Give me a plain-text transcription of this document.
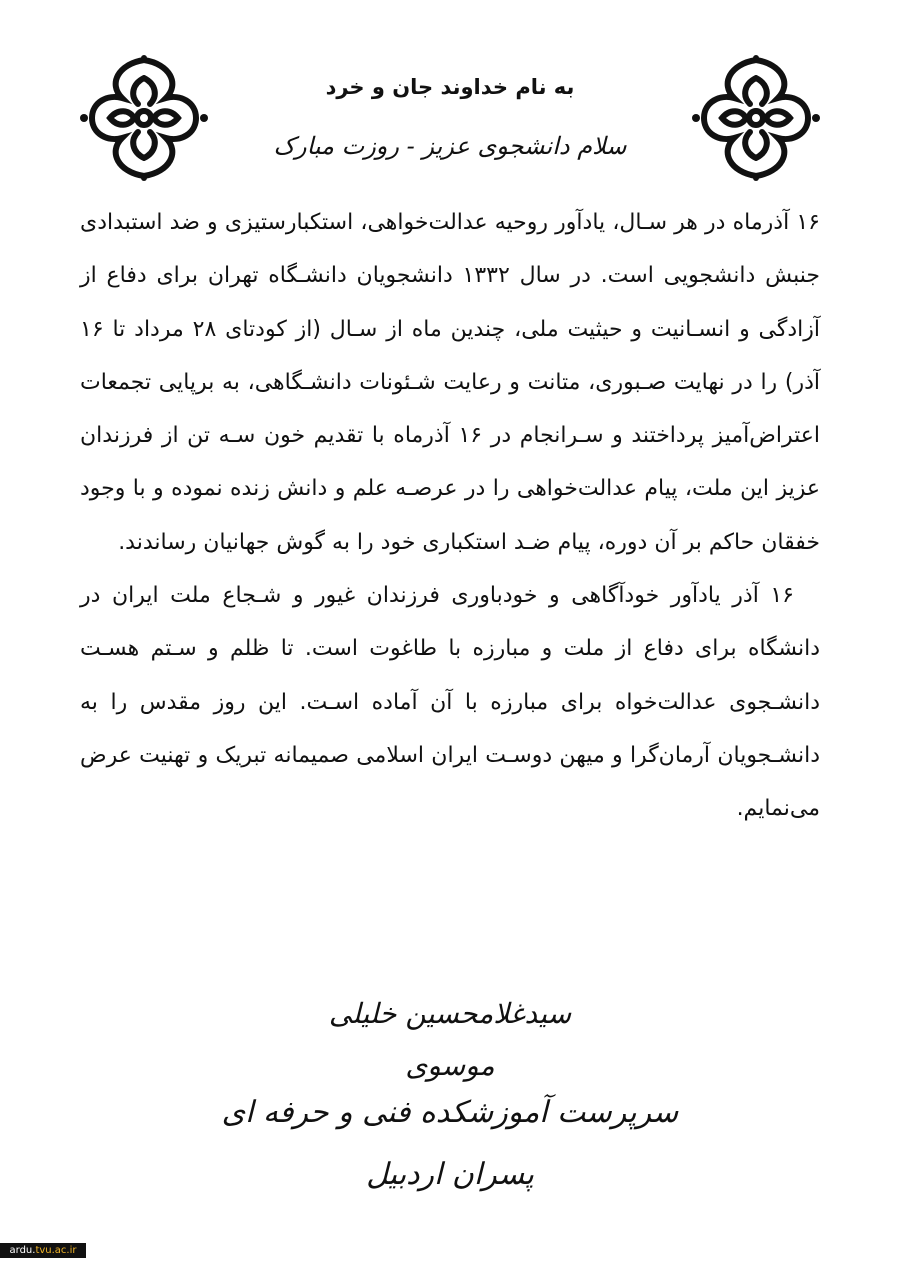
به نام خداوند جان و خرد
سلام دانشجوی عزیز - روزت مبارک

۱۶ آذرماه در هر سـال، یادآور روحیه عدالت‌خواهی، استکبارستیزی و ضد استبدادی جنبش دانشجویی است. در سال ۱۳۳۲ دانشجویان دانشـگاه تهران برای دفاع از آزادگی و انسـانیت و حیثیت ملی، چندین ماه از سـال (از کودتای ۲۸ مرداد تا ۱۶ آذر) را در نهایت صـبوری، متانت و رعایت شـئونات دانشـگاهی، به برپایی تجمعات اعتراض‌آمیز پرداختند و سـرانجام در ۱۶ آذرماه با تقدیم خون سـه تن از فرزندان عزیز این ملت، پیام عدالت‌خواهی را در عرصـه علم و دانش زنده نموده و با وجود خفقان حاکم بر آن دوره، پیام ضـد استکباری خود را به گوش جهانیان رساندند.

۱۶ آذر یادآور خودآگاهی و خودباوری فرزندان غیور و شـجاع ملت ایران در دانشگاه برای دفاع از ملت و مبارزه با طاغوت است. تا ظلم و سـتم هسـت دانشـجوی عدالت‌خواه برای مبارزه با آن آماده اسـت. این روز مقدس را به دانشـجویان آرمان‌گرا و میهن دوسـت ایران اسلامی صمیمانه تبریک و تهنیت عرض می‌نمایم.

سیدغلامحسین خلیلی موسوی
سرپرست آموزشکده فنی و حرفه ای پسران اردبیل
ardu.tvu.ac.ir
